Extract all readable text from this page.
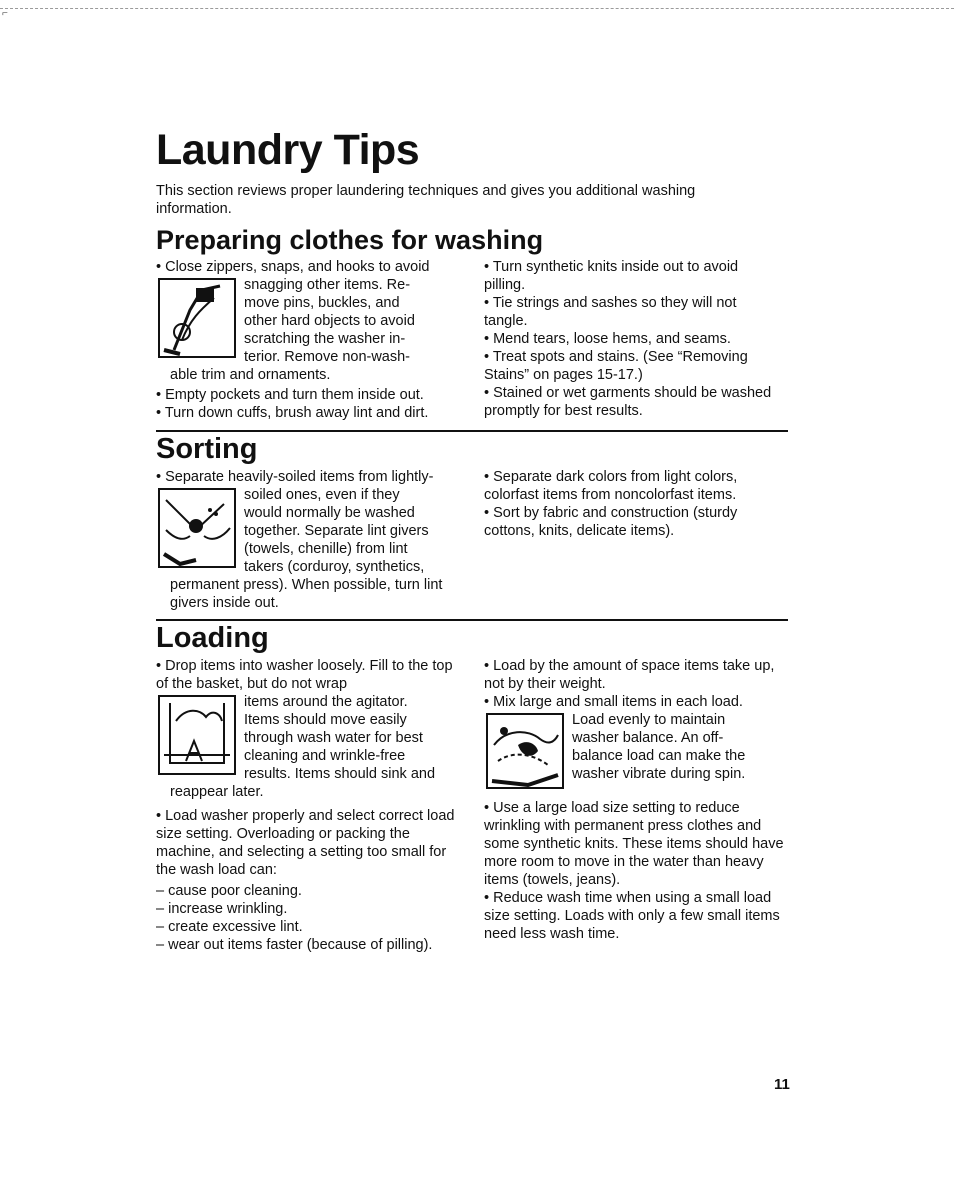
⌐
Laundry Tips

This section reviews proper laundering techniques and gives you additional washing information.

Preparing clothes for washing

• Close zippers, snaps, and hooks to avoid

snagging other items. Re-

move pins, buckles, and

other hard objects to avoid

scratching the washer in-

terior. Remove non-wash-

able trim and ornaments.

• Empty pockets and turn them inside out.

• Turn down cuffs, brush away lint and dirt.

• Turn synthetic knits inside out to avoid pilling.

• Tie strings and sashes so they will not tangle.

• Mend tears, loose hems, and seams.

• Treat spots and stains. (See “Removing Stains” on pages 15-17.)

• Stained or wet garments should be washed promptly for best results.

Sorting

• Separate heavily-soiled items from lightly-

soiled ones, even if they

would normally be washed

together. Separate lint givers

(towels, chenille) from lint

takers (corduroy, synthetics,

permanent press). When possible, turn lint givers inside out.

• Separate dark colors from light colors, colorfast items from noncolorfast items.

• Sort by fabric and construction (sturdy cottons, knits, delicate items).

Loading

• Drop items into washer loosely. Fill to the top of the basket, but do not wrap

items around the agitator.

Items should move easily

through wash water for best

cleaning and wrinkle-free

results. Items should sink and

reappear later.

• Load washer properly and select correct load size setting. Overloading or packing the machine, and selecting a setting too small for the wash load can:

– cause poor cleaning.

– increase wrinkling.

– create excessive lint.

– wear out items faster (because of pilling).

• Load by the amount of space items take up, not by their weight.

• Mix large and small items in each load.

Load evenly to maintain

washer balance. An off-

balance load can make the

washer vibrate during spin.

• Use a large load size setting to reduce wrinkling with permanent press clothes and some synthetic knits. These items should have more room to move in the water than heavy items (towels, jeans).

• Reduce wash time when using a small load size setting. Loads with only a few small items need less wash time.

11
